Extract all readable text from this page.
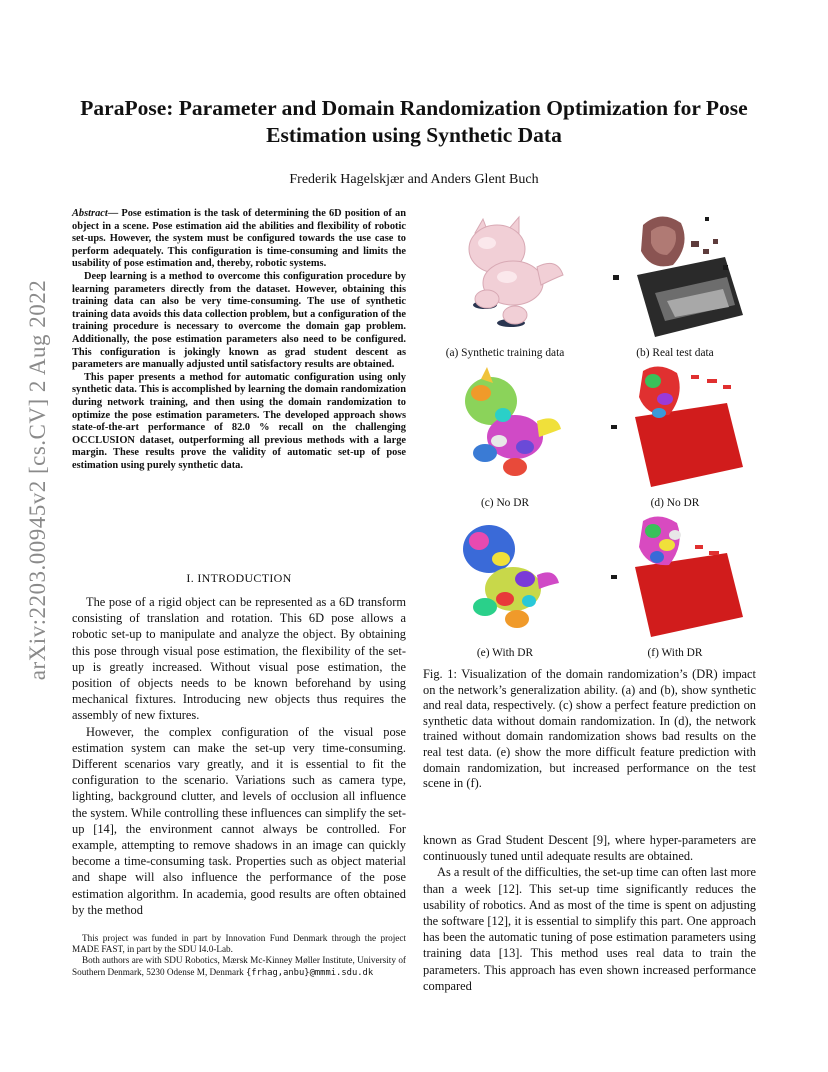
arXiv:2203.00945v2 [cs.CV] 2 Aug 2022
ParaPose: Parameter and Domain Randomization Optimization for Pose Estimation using Synthetic Data
Frederik Hagelskjær and Anders Glent Buch

Abstract— Pose estimation is the task of determining the 6D position of an object in a scene. Pose estimation aid the abilities and flexibility of robotic set-ups. However, the system must be configured towards the use case to perform adequately. This configuration is time-consuming and limits the usability of pose estimation and, thereby, robotic systems.

Deep learning is a method to overcome this configuration procedure by learning parameters directly from the dataset. However, obtaining this training data can also be very time-consuming. The use of synthetic training data avoids this data collection problem, but a configuration of the training procedure is necessary to overcome the domain gap problem. Additionally, the pose estimation parameters also need to be configured. This configuration is jokingly known as grad student descent as parameters are manually adjusted until satisfactory results are obtained.

This paper presents a method for automatic configuration using only synthetic data. This is accomplished by learning the domain randomization during network training, and then using the domain randomization to optimize the pose estimation parameters. The developed approach shows state-of-the-art performance of 82.0 % recall on the challenging OCCLUSION dataset, outperforming all previous methods with a large margin. These results prove the validity of automatic set-up of pose estimation using purely synthetic data.

I. INTRODUCTION

The pose of a rigid object can be represented as a 6D transform consisting of translation and rotation. This 6D pose allows a robotic set-up to manipulate and analyze the object. By obtaining this pose through visual pose estimation, the flexibility of the set-up is greatly increased. Without visual pose estimation, the position of objects needs to be known beforehand by using mechanical fixtures. Introducing new objects thus requires the assembly of new fixtures.

However, the complex configuration of the visual pose estimation system can make the set-up very time-consuming. Different scenarios vary greatly, and it is essential to fit the configuration to the scenario. Variations such as camera type, lighting, background clutter, and levels of occlusion all influence the system. While controlling these influences can simplify the set-up [14], the environment cannot always be controlled. For example, attempting to remove shadows in an image can quickly become a time-consuming task. Properties such as object material and shape will also influence the performance of the pose estimation algorithm. In academia, good results are often obtained by the method

This project was funded in part by Innovation Fund Denmark through the project MADE FAST, in part by the SDU I4.0-Lab.

Both authors are with SDU Robotics, Mærsk Mc-Kinney Møller Institute, University of Southern Denmark, 5230 Odense M, Denmark {frhag,anbu}@mmmi.sdu.dk

(a) Synthetic training data	(b) Real test data
(c) No DR	(d) No DR
(e) With DR	(f) With DR

Fig. 1: Visualization of the domain randomization’s (DR) impact on the network’s generalization ability. (a) and (b), show synthetic and real data, respectively. (c) show a perfect feature prediction on synthetic data without domain randomization. In (d), the network trained without domain randomization shows bad results on the real test data. (e) show the more difficult feature prediction with domain randomization, but increased performance on the test scene in (f).

known as Grad Student Descent [9], where hyper-parameters are continuously tuned until adequate results are obtained.

As a result of the difficulties, the set-up time can often last more than a week [12]. This set-up time significantly reduces the usability of robotics. And as most of the time is spent on adjusting the software [12], it is essential to simplify this part. One approach has been the automatic tuning of pose estimation parameters using training data [13]. This method uses real data to train the parameters. This approach has even shown increased performance compared
